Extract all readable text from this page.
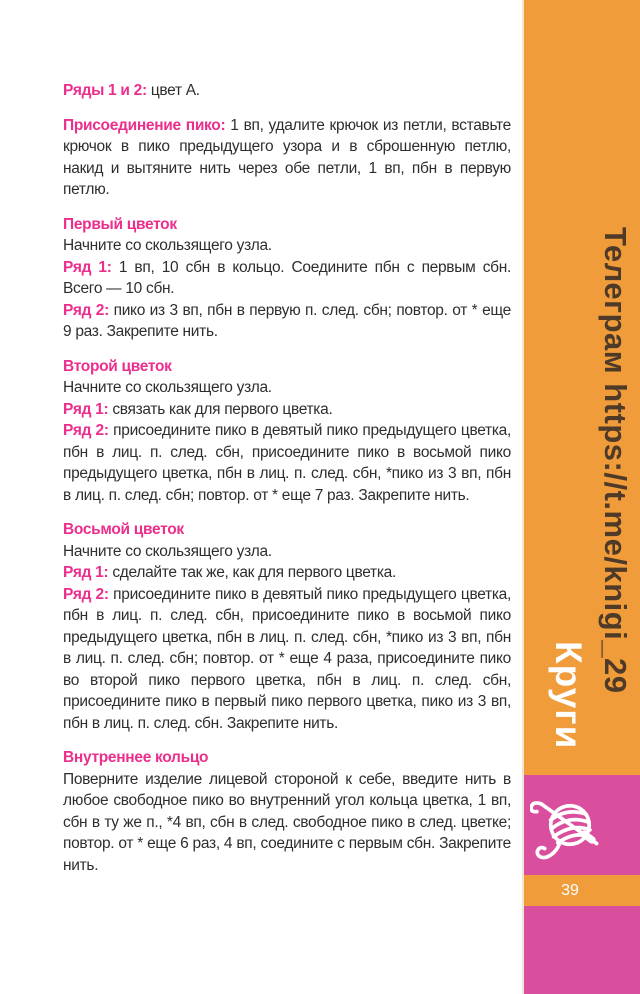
Ряды 1 и 2: цвет А.

Присоединение пико: 1 вп, удалите крючок из петли, вставьте крючок в пико предыдущего узора и в сброшенную петлю, накид и вытяните нить через обе петли, 1 вп, пбн в первую петлю.

Первый цветок

Начните со скользящего узла.

Ряд 1: 1 вп, 10 сбн в кольцо. Соедините пбн с первым сбн. Всего — 10 сбн.

Ряд 2: пико из 3 вп, пбн в первую п. след. сбн; повтор. от * еще 9 раз. Закрепите нить.

Второй цветок

Начните со скользящего узла.

Ряд 1: связать как для первого цветка.

Ряд 2: присоедините пико в девятый пико предыдущего цветка, пбн в лиц. п. след. сбн, присоедините пико в восьмой пико предыдущего цветка, пбн в лиц. п. след. сбн, *пико из 3 вп, пбн в лиц. п. след. сбн; повтор. от * еще 7 раз. Закрепите нить.

Восьмой цветок

Начните со скользящего узла.

Ряд 1: сделайте так же, как для первого цветка.

Ряд 2: присоедините пико в девятый пико предыдущего цветка, пбн в лиц. п. след. сбн, присоедините пико в восьмой пико предыдущего цветка, пбн в лиц. п. след. сбн, *пико из 3 вп, пбн в лиц. п. след. сбн; повтор. от * еще 4 раза, присоедините пико во второй пико первого цветка, пбн в лиц. п. след. сбн, присоедините пико в первый пико первого цветка, пико из 3 вп, пбн в лиц. п. след. сбн. Закрепите нить.

Внутреннее кольцо

Поверните изделие лицевой стороной к себе, введите нить в любое свободное пико во внутренний угол кольца цветка, 1 вп, сбн в ту же п., *4 вп, сбн в след. свободное пико в след. цветке; повтор. от * еще 6 раз, 4 вп, соедините с первым сбн. Закрепите нить.

39
Телеграм https://t.me/knigi_29
Круги
